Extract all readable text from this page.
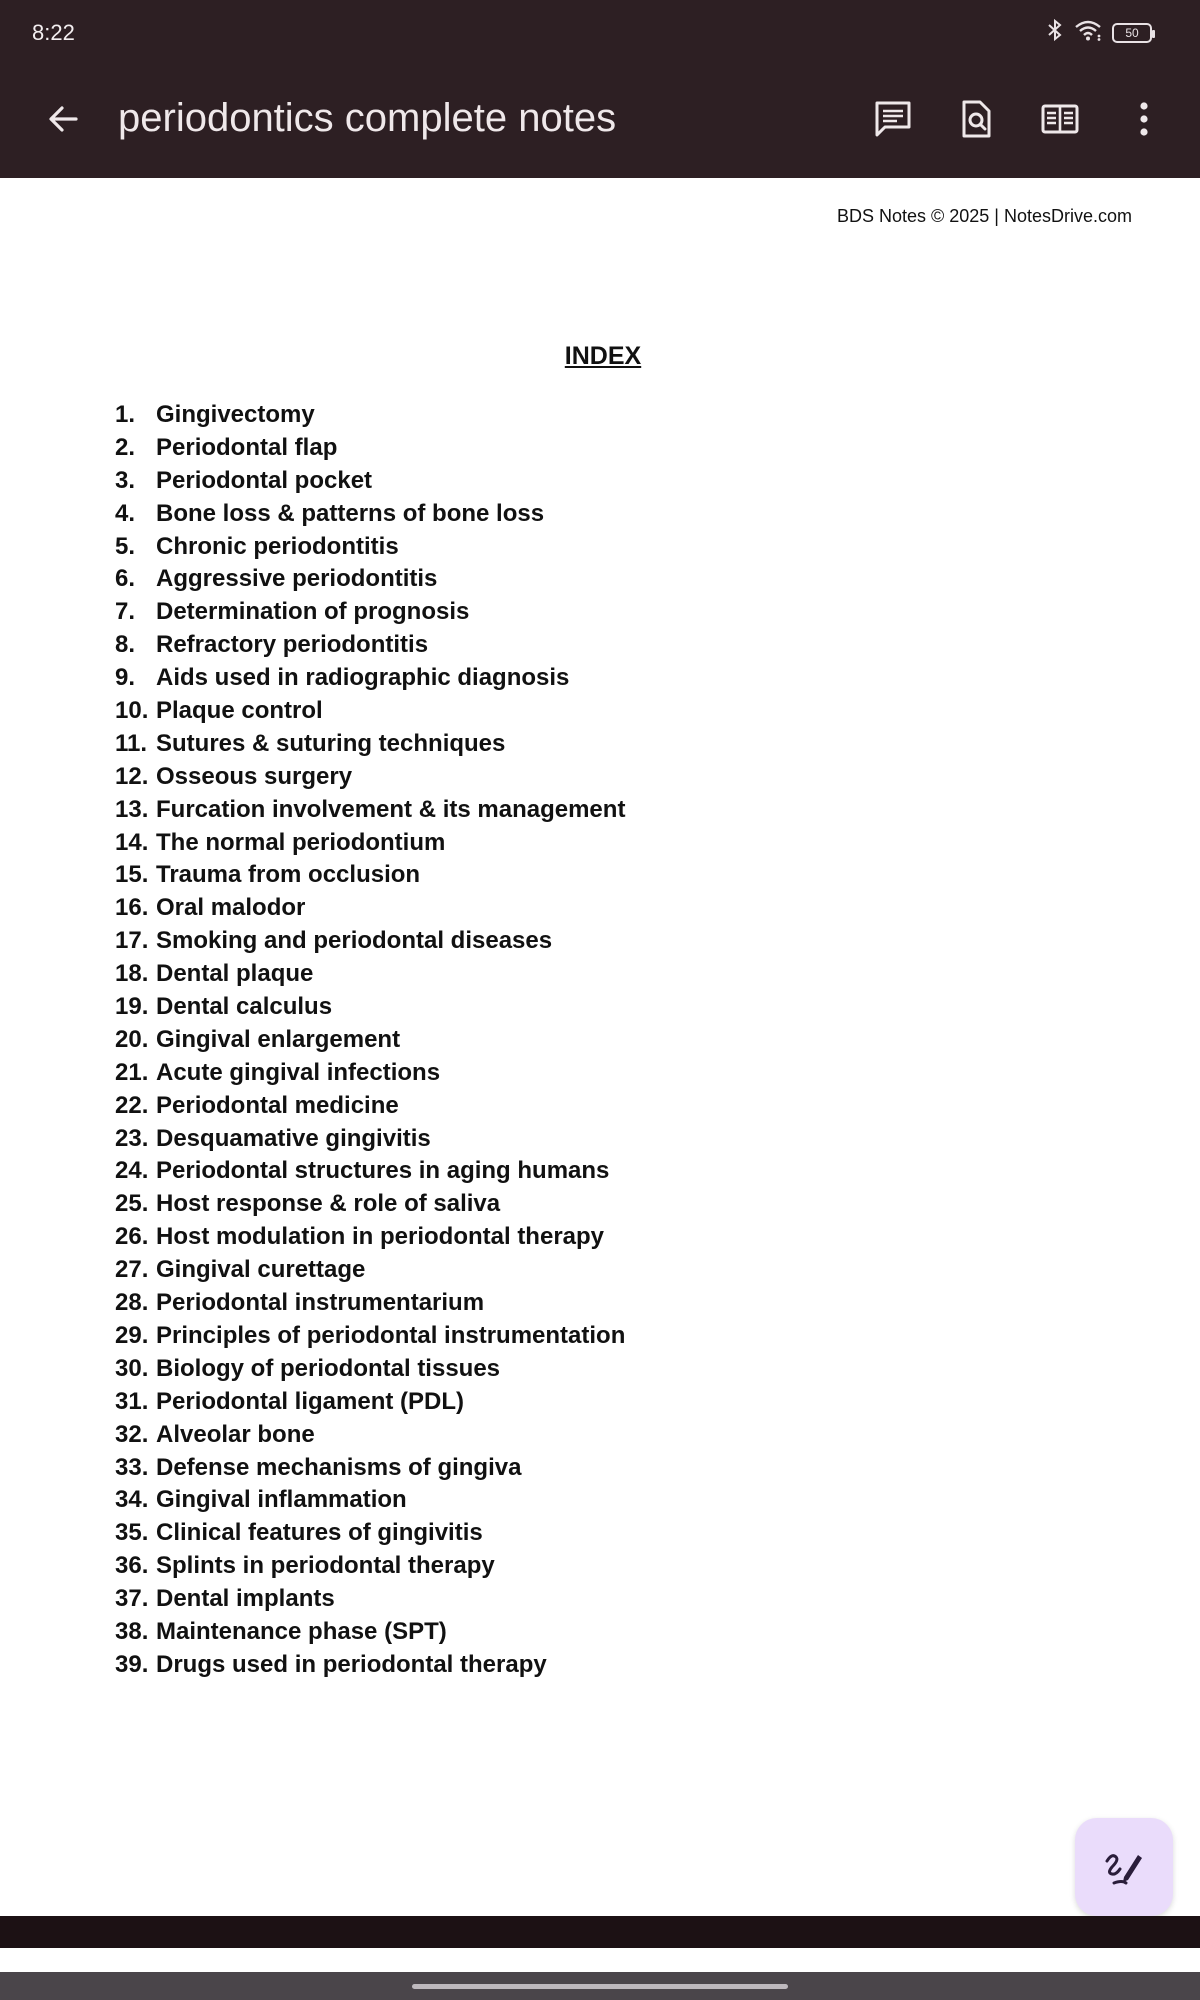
8:22	50
periodontics complete notes
BDS Notes © 2025 | NotesDrive.com
INDEX
1. Gingivectomy
2. Periodontal flap
3. Periodontal pocket
4. Bone loss & patterns of bone loss
5. Chronic periodontitis
6. Aggressive periodontitis
7. Determination of prognosis
8. Refractory periodontitis
9. Aids used in radiographic diagnosis
10. Plaque control
11. Sutures & suturing techniques
12. Osseous surgery
13. Furcation involvement & its management
14. The normal periodontium
15. Trauma from occlusion
16. Oral malodor
17. Smoking and periodontal diseases
18. Dental plaque
19. Dental calculus
20. Gingival enlargement
21. Acute gingival infections
22. Periodontal medicine
23. Desquamative gingivitis
24. Periodontal structures in aging humans
25. Host response & role of saliva
26. Host modulation in periodontal therapy
27. Gingival curettage
28. Periodontal instrumentarium
29. Principles of periodontal instrumentation
30. Biology of periodontal tissues
31. Periodontal ligament (PDL)
32. Alveolar bone
33. Defense mechanisms of gingiva
34. Gingival inflammation
35. Clinical features of gingivitis
36. Splints in periodontal therapy
37. Dental implants
38. Maintenance phase (SPT)
39. Drugs used in periodontal therapy
